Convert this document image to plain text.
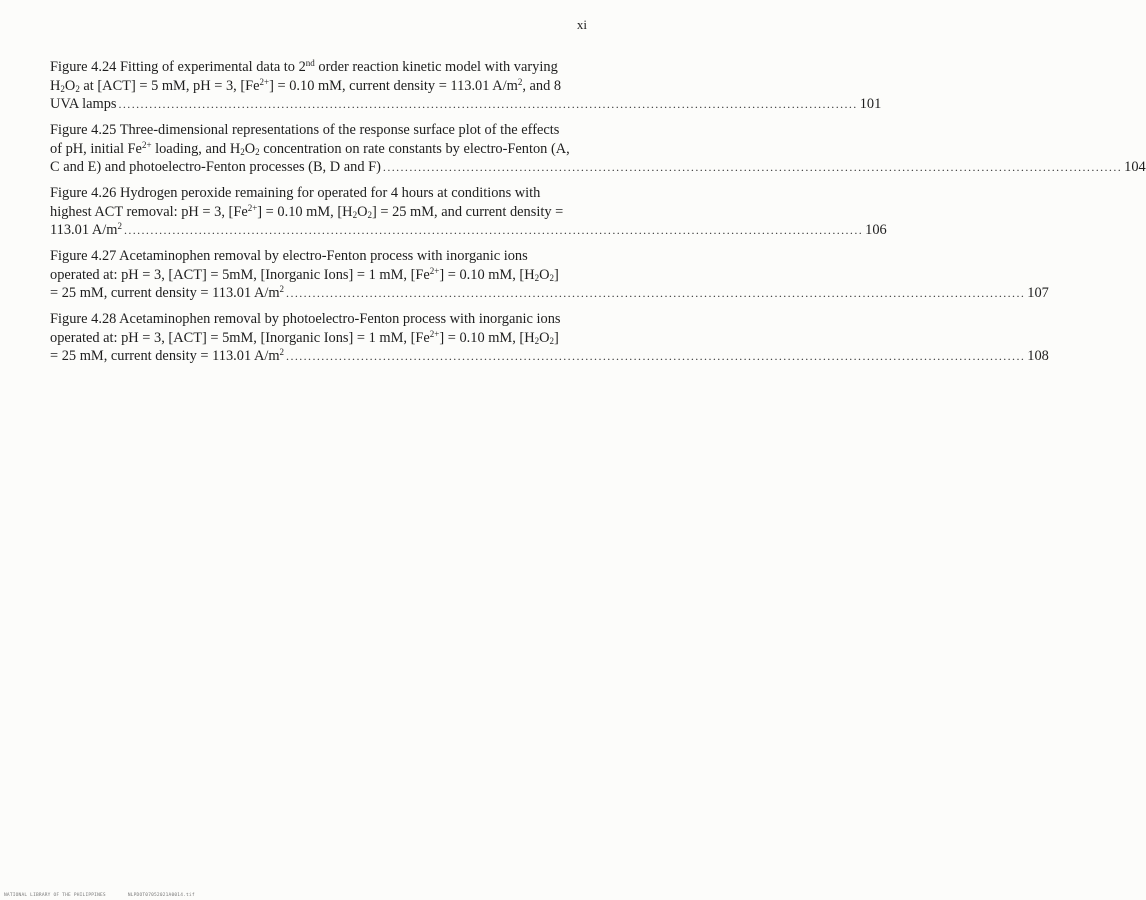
xi
Figure 4.24 Fitting of experimental data to 2nd order reaction kinetic model with varying
$H_2O_2$ at [ACT] = 5 mM, pH = 3, $[Fe^{2+}] = 0.10$ mM, current density = 113.01 $A/m^2$, and 8
UVA lamps ........................................................................................................................................................................ 101
Figure 4.25 Three-dimensional representations of the response surface plot of the effects
of pH, initial $Fe^{2+}$ loading, and $H_2O_2$ concentration on rate constants by electro-Fenton (A,
C and E) and photoelectro-Fenton processes (B, D and F) ........................................................................................................................................................................ 104
Figure 4.26 Hydrogen peroxide remaining for operated for 4 hours at conditions with
highest ACT removal: pH = 3, $[Fe^{2+}] = 0.10$ mM, $[H_2O_2] = 25$ mM, and current density =
113.01 $A/m^2$ ........................................................................................................................................................................ 106
Figure 4.27 Acetaminophen removal by electro-Fenton process with inorganic ions
operated at: pH = 3, [ACT] = 5mM, [Inorganic Ions] = 1 mM, $[Fe^{2+}] = 0.10$ mM, $[H_2O_2]$
= 25 mM, current density = 113.01 $A/m^2$ ........................................................................................................................................................................ 107
Figure 4.28 Acetaminophen removal by photoelectro-Fenton process with inorganic ions
operated at: pH = 3, [ACT] = 5mM, [Inorganic Ions] = 1 mM, $[Fe^{2+}] = 0.10$ mM, $[H_2O_2]$
= 25 mM, current density = 113.01 $A/m^2$ ........................................................................................................................................................................ 108
NATIONAL LIBRARY OF THE PHILIPPINES	NLPDOT07052021A0014.tif
